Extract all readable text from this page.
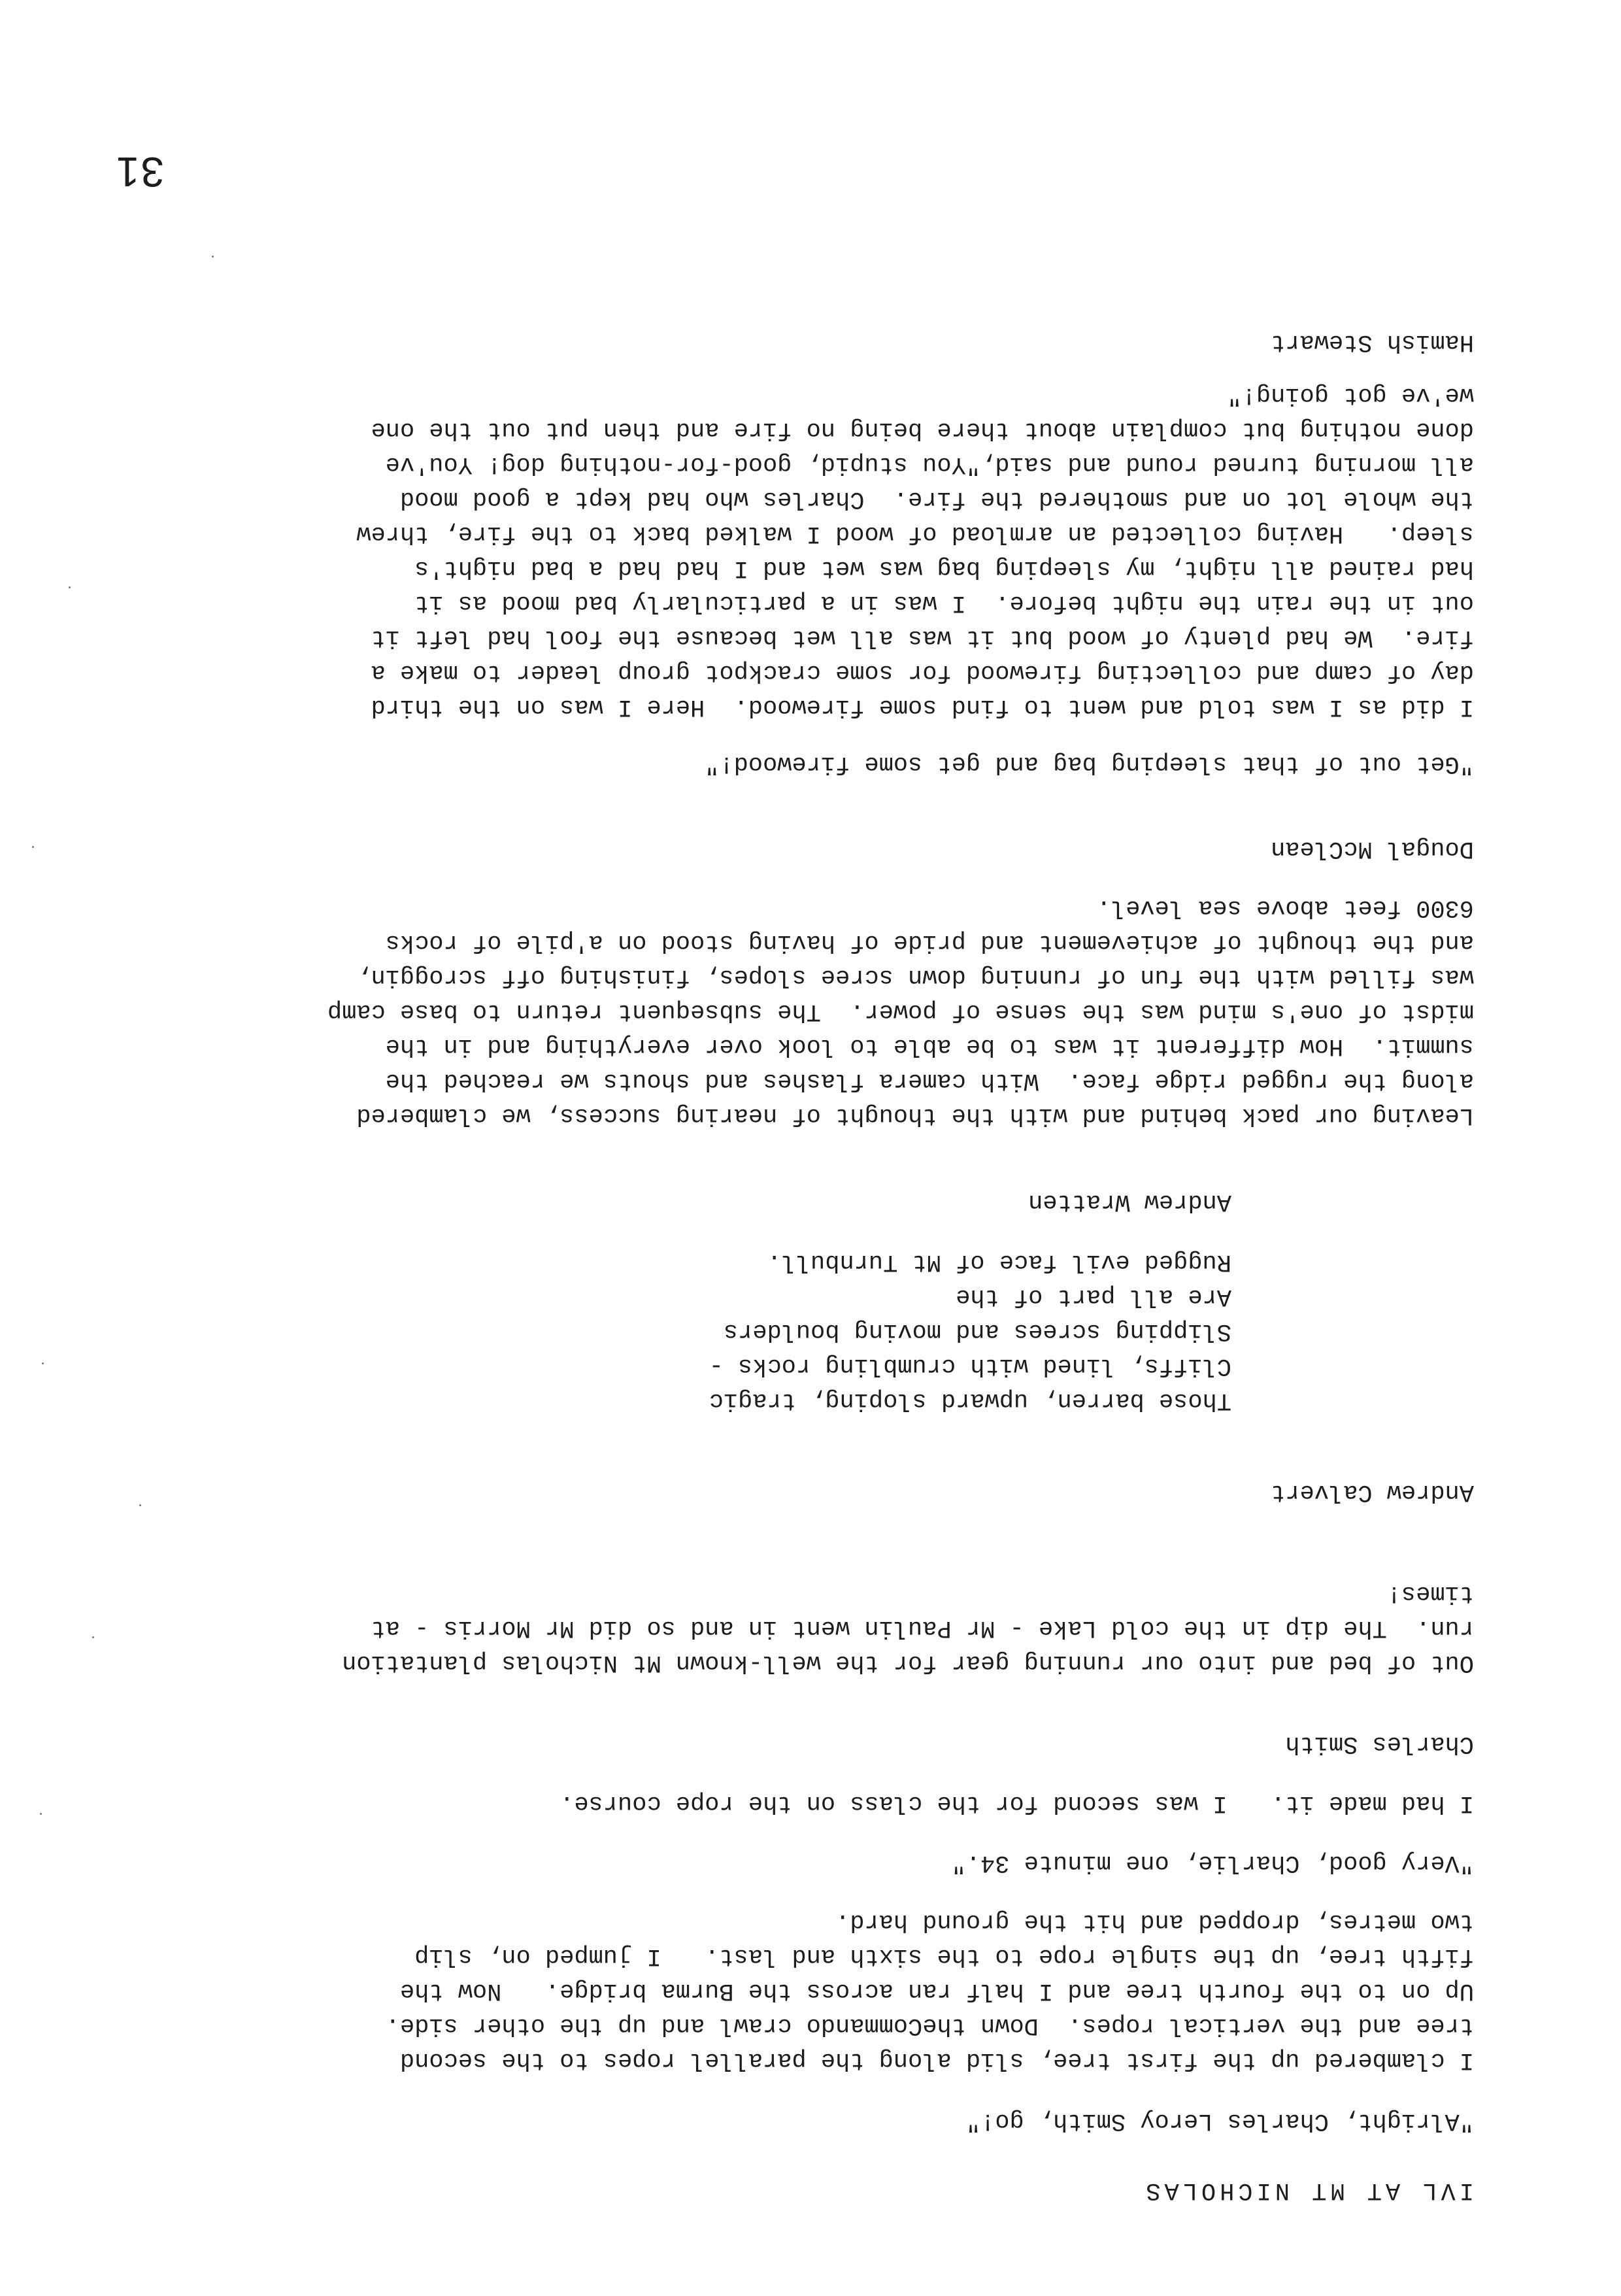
IVL AT MT NICHOLAS
"Alright, Charles Leroy Smith, go!"
I clambered up the first tree, slid along the parallel ropes to the second
tree and the vertical ropes.  Down theCommando crawl and up the other side.
Up on to the fourth tree and I half ran across the Burma bridge.   Now the
fifth tree, up the single rope to the sixth and last.   I jumped on, slip
two metres, dropped and hit the ground hard.
"Very good, Charlie, one minute 34."
I had made it.   I was second for the class on the rope course.
Charles Smith
Out of bed and into our running gear for the well-known Mt Nicholas plantation
run.  The dip in the cold Lake - Mr Paulin went in and so did Mr Morris - at
times!
Andrew Calvert
Those barren, upward sloping, tragic
Cliffs, lined with crumbling rocks -
Slipping screes and moving boulders
Are all part of the
Rugged evil face of Mt Turnbull.
Andrew Wratten
Leaving our pack behind and with the thought of nearing success, we clambered
along the rugged ridge face.  With camera flashes and shouts we reached the
summit.  How different it was to be able to look over everything and in the
midst of one's mind was the sense of power.  The subsequent return to base camp
was filled with the fun of running down scree slopes, finishing off scroggin,
and the thought of achievement and pride of having stood on a'pile of rocks
6300 feet above sea level.
Dougal McClean
"Get out of that sleeping bag and get some firewood!"
I did as I was told and went to find some firewood.  Here I was on the third
day of camp and collecting firewood for some crackpot group leader to make a
fire.  We had plenty of wood but it was all wet because the fool had left it
out in the rain the night before.  I was in a particularly bad mood as it
had rained all night, my sleeping bag was wet and I had had a bad night's
sleep.   Having collected an armload of wood I walked back to the fire, threw
the whole lot on and smothered the fire.  Charles who had kept a good mood
all morning turned round and said,"You stupid, good-for-nothing dog! You've
done nothing but complain about there being no fire and then put out the one
we've got going!"
Hamish Stewart
31
